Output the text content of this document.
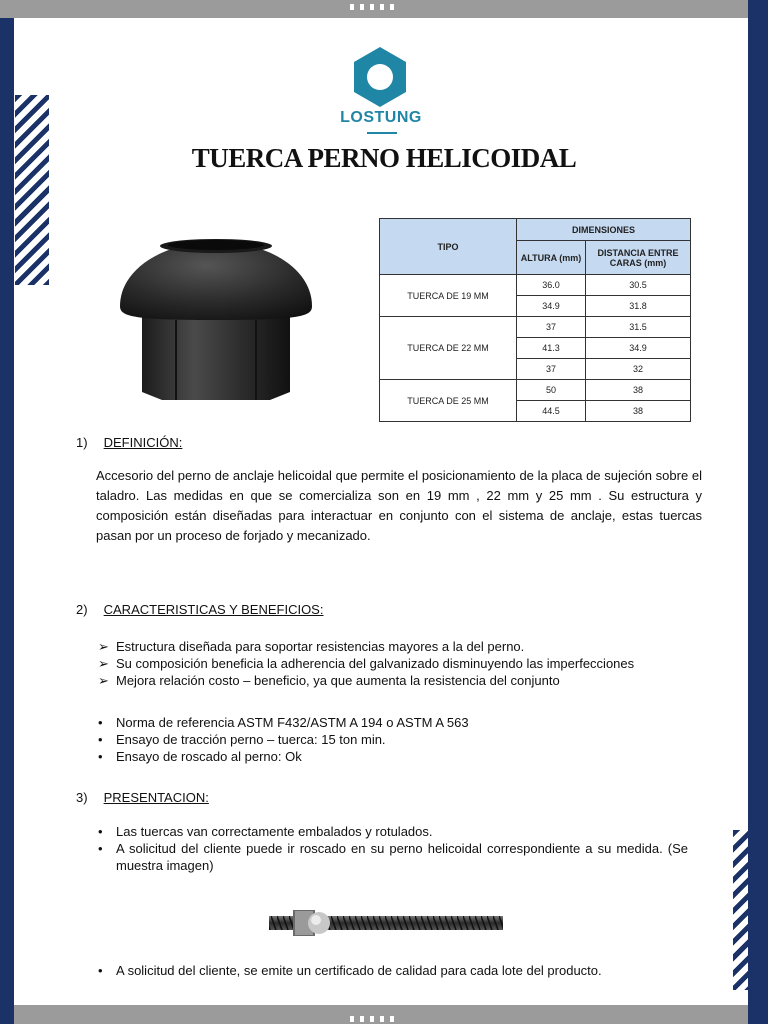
LOSTUNG
TUERCA PERNO HELICOIDAL
TIPO	DIMENSIONES	
	ALTURA (mm)	DISTANCIA ENTRE CARAS (mm)
TUERCA DE 19 MM	36.0	30.5
	34.9	31.8
TUERCA DE 22 MM	37	31.5
	41.3	34.9
	37	32
TUERCA DE 25 MM	50	38
	44.5	38
1) DEFINICIÓN:
Accesorio del perno de anclaje helicoidal que permite el posicionamiento de la placa de sujeción sobre el taladro. Las medidas en que se comercializa son en 19 mm , 22 mm y 25 mm . Su estructura y composición están diseñadas para interactuar en conjunto con el sistema de anclaje, estas tuercas pasan por un proceso de forjado y mecanizado.
2) CARACTERISTICAS Y BENEFICIOS:
➢ Estructura diseñada para soportar resistencias mayores a la del perno.
➢ Su composición beneficia la adherencia del galvanizado disminuyendo las imperfecciones
➢ Mejora relación costo – beneficio, ya que aumenta la resistencia del conjunto
•	Norma de referencia ASTM F432/ASTM A 194 o ASTM A 563
•	Ensayo de tracción perno – tuerca: 15 ton min.
•	Ensayo de roscado al perno: Ok
3) PRESENTACION:
•	Las tuercas van correctamente embalados y rotulados.
•	A solicitud del cliente puede ir roscado en su perno helicoidal correspondiente a su medida. (Se muestra imagen)
•	A solicitud del cliente, se emite un certificado de calidad para cada lote del producto.
